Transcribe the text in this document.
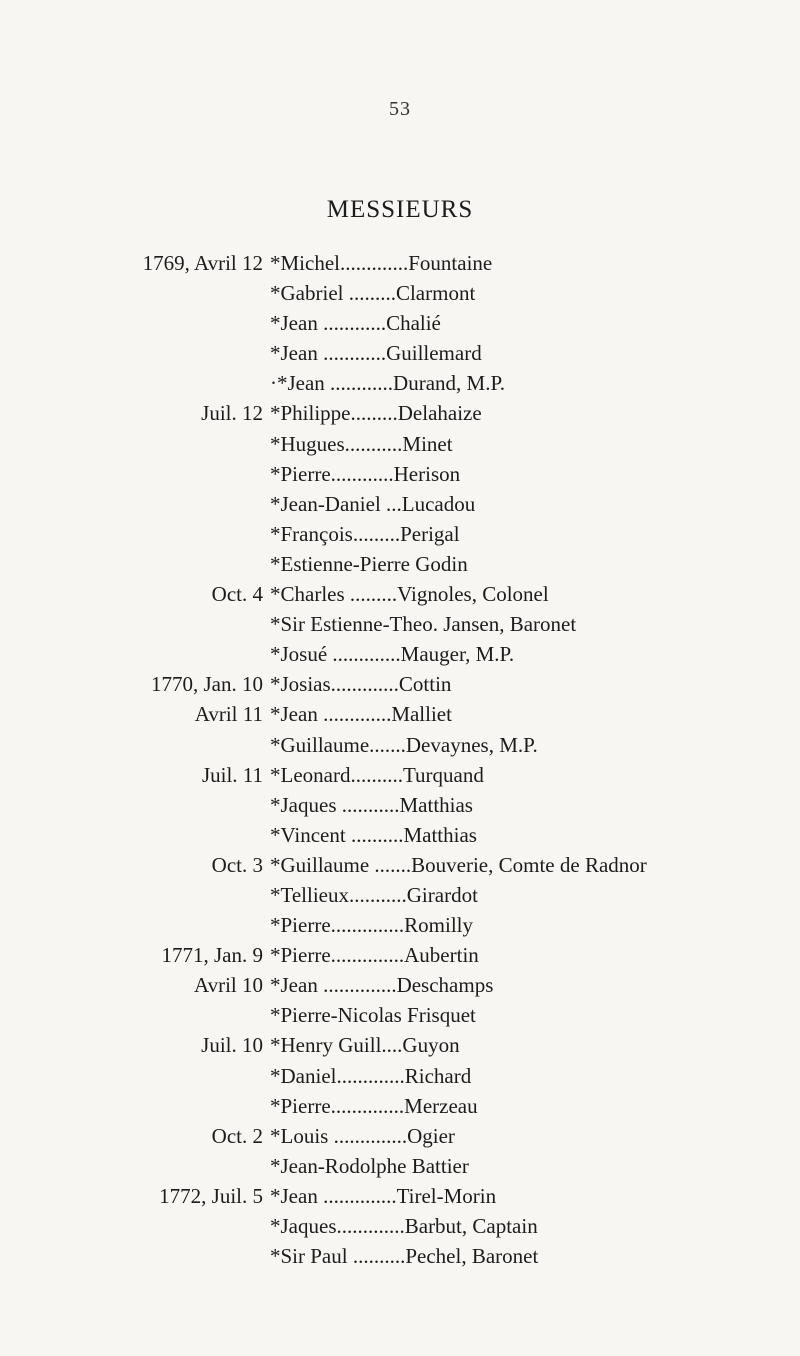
53
MESSIEURS
1769, Avril 12 *Michel.............Fountaine
*Gabriel .........Clarmont
*Jean ............Chalié
*Jean ............Guillemard
·*Jean ............Durand, M.P.
Juil. 12 *Philippe.........Delahaize
*Hugues...........Minet
*Pierre............Herison
*Jean-Daniel ...Lucadou
*François.........Perigal
*Estienne-Pierre Godin
Oct. 4 *Charles .........Vignoles, Colonel
*Sir Estienne-Theo. Jansen, Baronet
*Josué .............Mauger, M.P.
1770, Jan. 10 *Josias.............Cottin
Avril 11 *Jean .............Malliet
*Guillaume.......Devaynes, M.P.
Juil. 11 *Leonard..........Turquand
*Jaques ...........Matthias
*Vincent ..........Matthias
Oct. 3 *Guillaume .......Bouverie, Comte de Radnor
*Tellieux...........Girardot
*Pierre..............Romilly
1771, Jan. 9 *Pierre..............Aubertin
Avril 10 *Jean ..............Deschamps
*Pierre-Nicolas Frisquet
Juil. 10 *Henry Guill....Guyon
*Daniel.............Richard
*Pierre..............Merzeau
Oct. 2 *Louis ..............Ogier
*Jean-Rodolphe Battier
1772, Juil. 5 *Jean ..............Tirel-Morin
*Jaques.............Barbut, Captain
*Sir Paul ..........Pechel, Baronet
